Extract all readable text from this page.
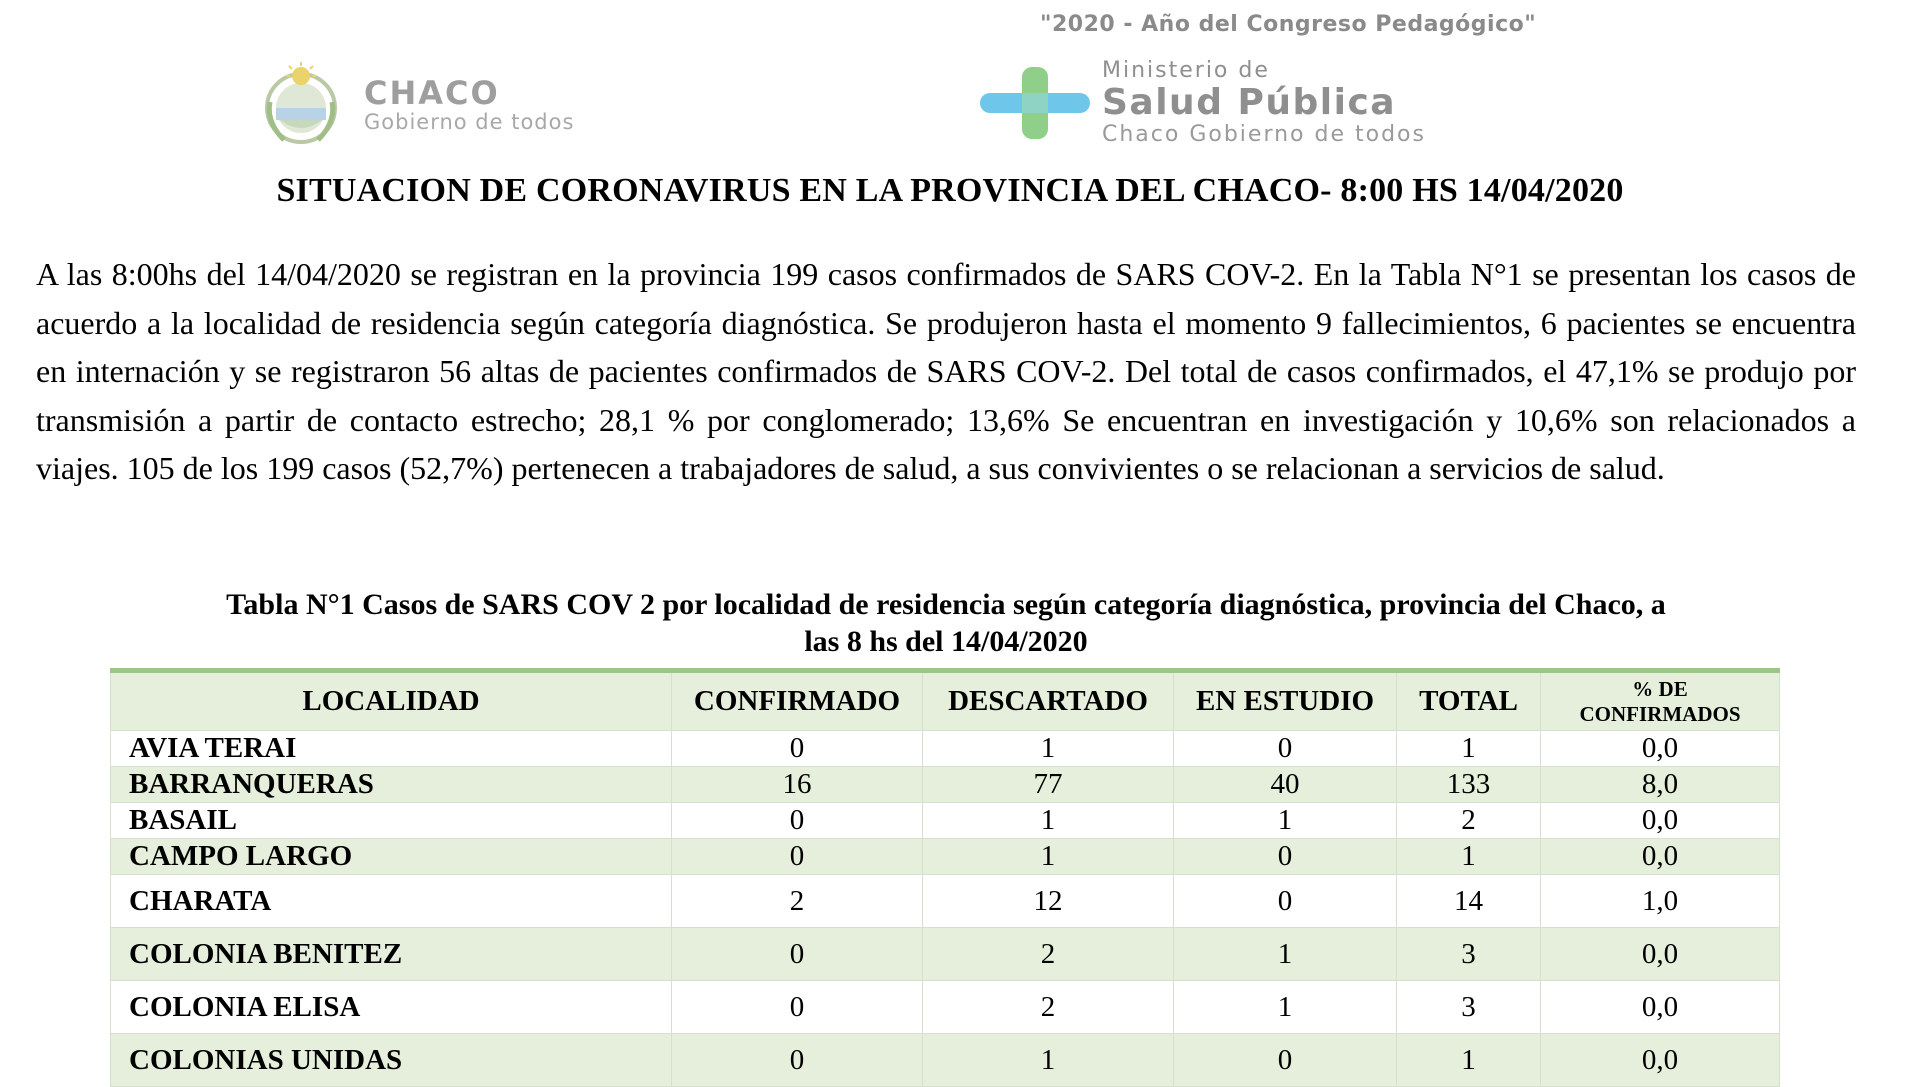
"2020 - Año del Congreso Pedagógico"
CHACO
Gobierno de todos
Ministerio de
Salud Pública
Chaco Gobierno de todos
SITUACION DE CORONAVIRUS EN LA PROVINCIA DEL CHACO- 8:00 HS 14/04/2020

A las 8:00hs del 14/04/2020 se registran en la provincia 199 casos confirmados de SARS COV-2. En la Tabla N°1 se presentan los casos de acuerdo a la localidad de residencia según categoría diagnóstica. Se produjeron hasta el momento 9 fallecimientos, 6 pacientes se encuentra en internación y se registraron 56 altas de pacientes confirmados de SARS COV-2. Del total de casos confirmados, el 47,1% se produjo por transmisión a partir de contacto estrecho; 28,1 % por conglomerado; 13,6% Se encuentran en investigación y 10,6% son relacionados a viajes. 105 de los 199 casos (52,7%) pertenecen a trabajadores de salud, a sus convivientes o se relacionan a servicios de salud.

Tabla N°1 Casos de SARS COV 2 por localidad de residencia según categoría diagnóstica, provincia del Chaco, a
las 8 hs del 14/04/2020
LOCALIDAD	CONFIRMADO	DESCARTADO	EN ESTUDIO	TOTAL	% DE
CONFIRMADOS

AVIA TERAI	0	1	0	1	0,0
BARRANQUERAS	16	77	40	133	8,0
BASAIL	0	1	1	2	0,0
CAMPO LARGO	0	1	0	1	0,0
CHARATA	2	12	0	14	1,0
COLONIA BENITEZ	0	2	1	3	0,0
COLONIA ELISA	0	2	1	3	0,0
COLONIAS UNIDAS	0	1	0	1	0,0
